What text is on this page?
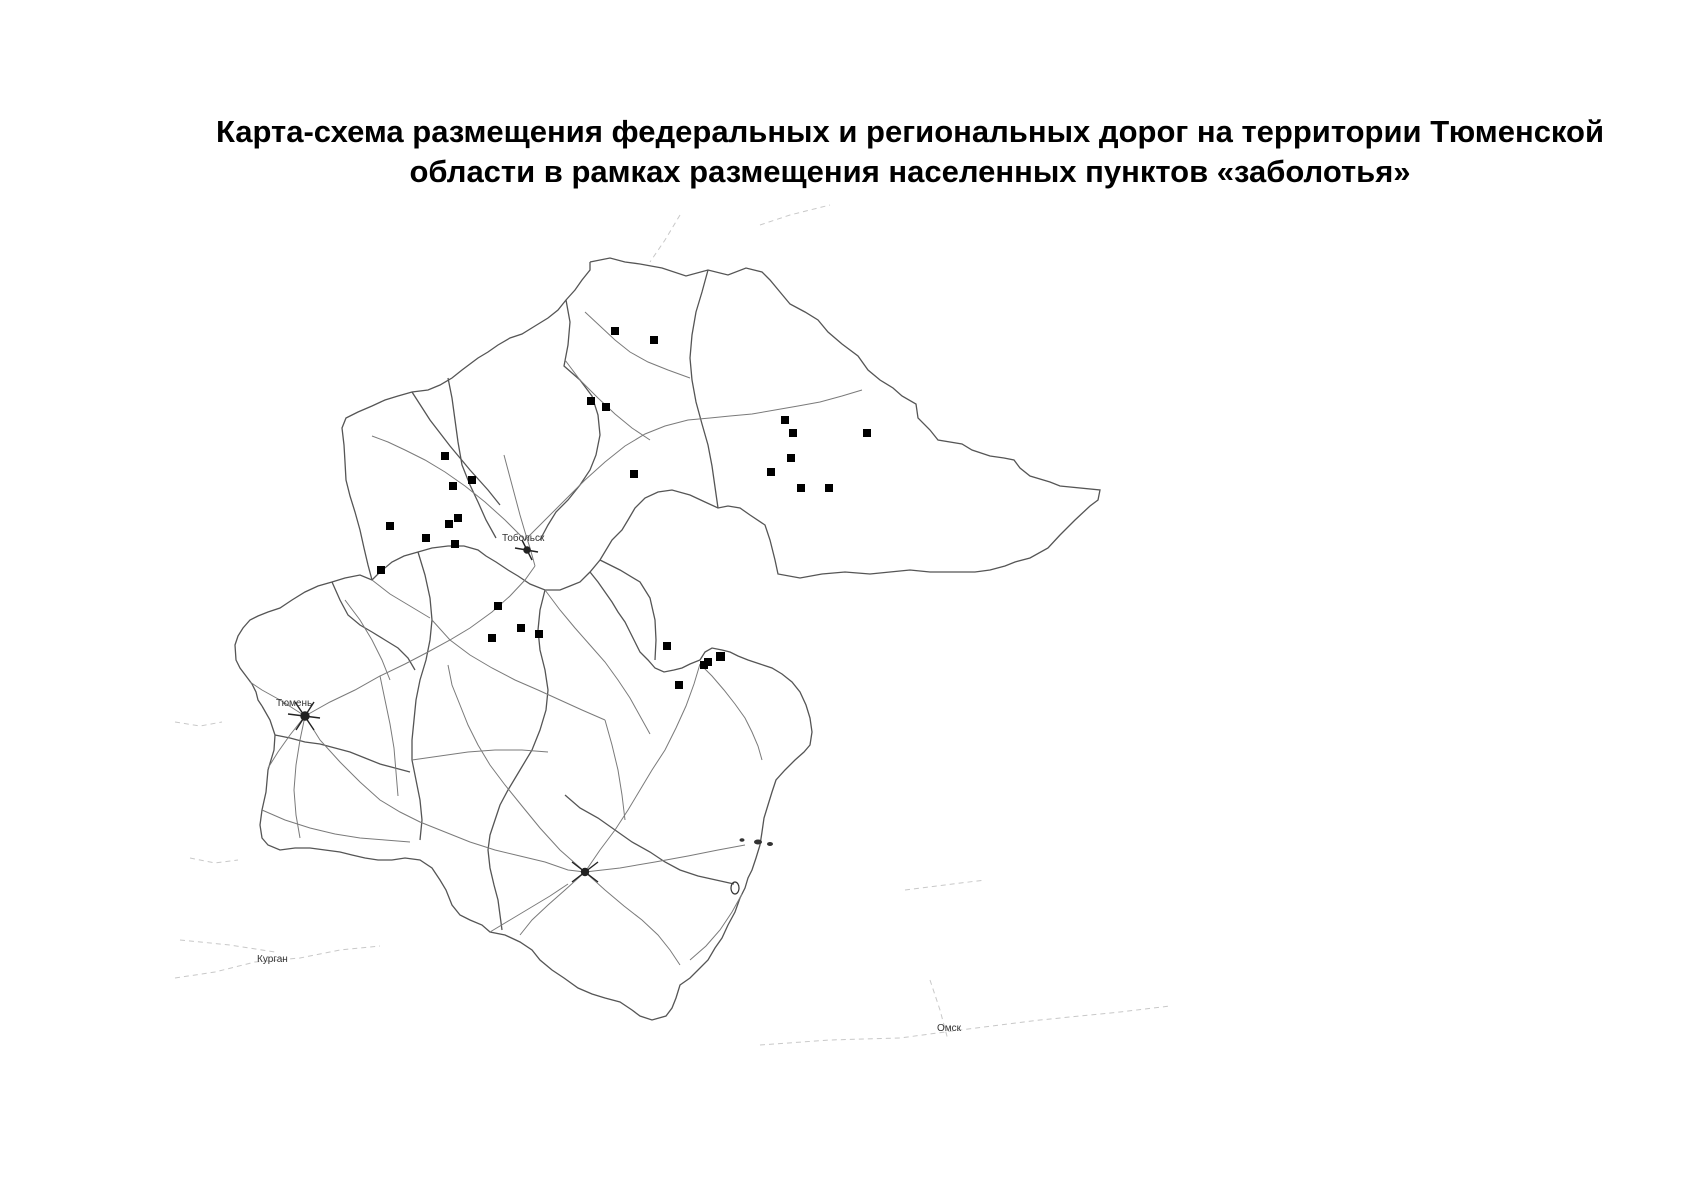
Карта-схема размещения федеральных и региональных дорог на территории Тюменской
области в рамках размещения населенных пунктов «заболотья»
Тобольск
Тюмень
Курган
Омск
